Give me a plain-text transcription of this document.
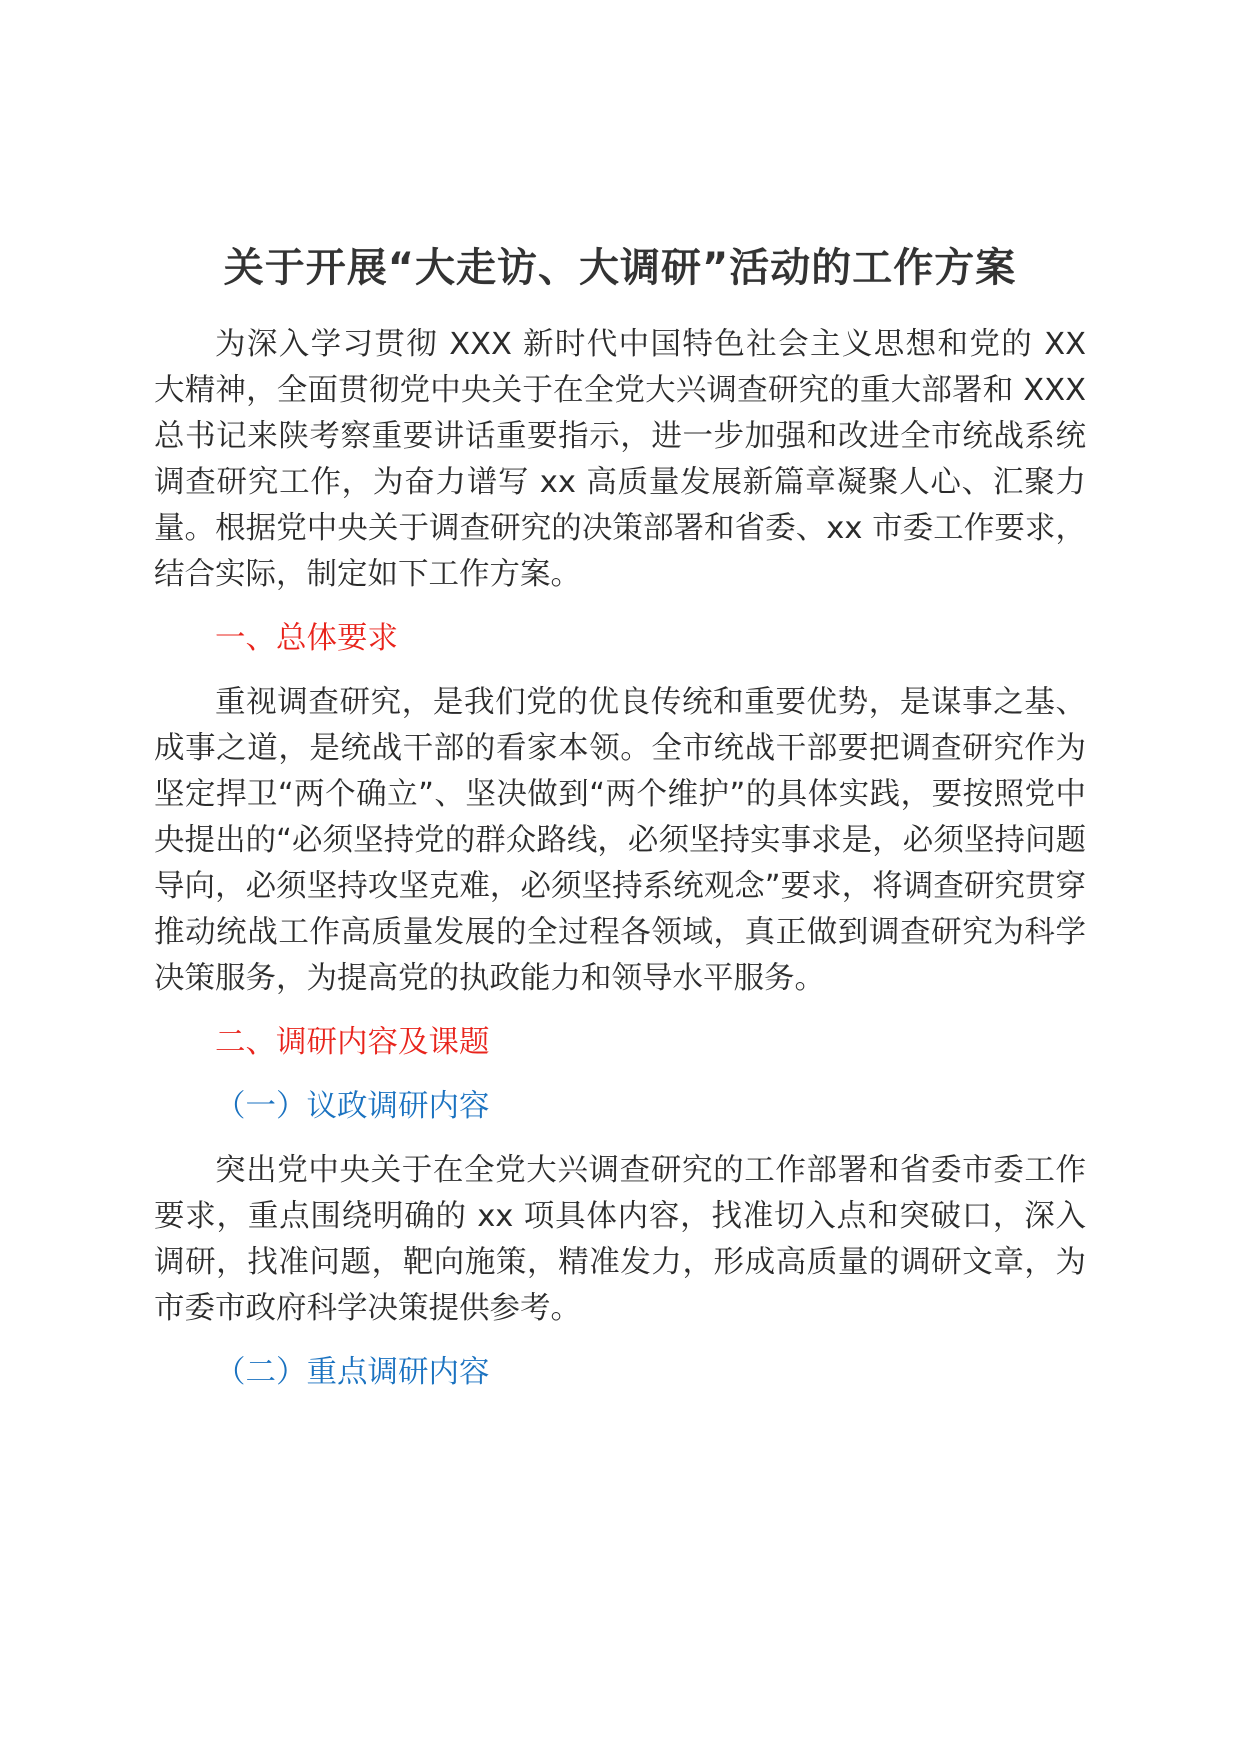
关于开展“大走访、大调研”活动的工作方案

为深入学习贯彻 XXX 新时代中国特色社会主义思想和党的 XX 大精神，全面贯彻党中央关于在全党大兴调查研究的重大部署和 XXX 总书记来陕考察重要讲话重要指示，进一步加强和改进全市统战系统调查研究工作，为奋力谱写 xx 高质量发展新篇章凝聚人心、汇聚力量。根据党中央关于调查研究的决策部署和省委、xx 市委工作要求，结合实际，制定如下工作方案。

一、总体要求

重视调查研究，是我们党的优良传统和重要优势，是谋事之基、成事之道，是统战干部的看家本领。全市统战干部要把调查研究作为坚定捍卫“两个确立”、坚决做到“两个维护”的具体实践，要按照党中央提出的“必须坚持党的群众路线，必须坚持实事求是，必须坚持问题导向，必须坚持攻坚克难，必须坚持系统观念”要求，将调查研究贯穿推动统战工作高质量发展的全过程各领域，真正做到调查研究为科学决策服务，为提高党的执政能力和领导水平服务。

二、调研内容及课题

（一）议政调研内容

突出党中央关于在全党大兴调查研究的工作部署和省委市委工作要求，重点围绕明确的 xx 项具体内容，找准切入点和突破口，深入调研，找准问题，靶向施策，精准发力，形成高质量的调研文章，为市委市政府科学决策提供参考。

（二）重点调研内容
